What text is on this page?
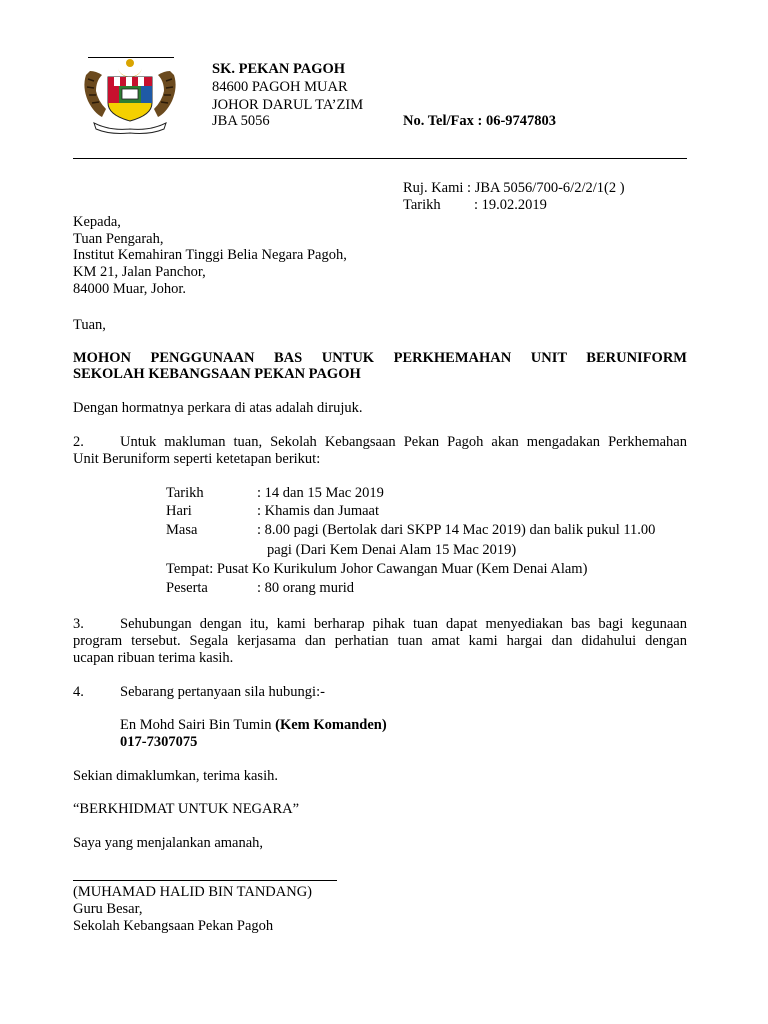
SK. PEKAN PAGOH
84600 PAGOH MUAR
JOHOR DARUL TA’ZIM
JBA 5056	No. Tel/Fax : 06-9747803
Ruj. Kami : JBA 5056/700-6/2/2/1(2 )
Tarikh : 19.02.2019
Kepada,
Tuan Pengarah,
Institut Kemahiran Tinggi Belia Negara Pagoh,
KM 21, Jalan Panchor,
84000 Muar, Johor.
Tuan,
MOHON PENGGUNAAN BAS UNTUK PERKHEMAHAN UNIT BERUNIFORM
SEKOLAH KEBANGSAAN PEKAN PAGOH
Dengan hormatnya perkara di atas adalah dirujuk.
2. Untuk makluman tuan, Sekolah Kebangsaan Pekan Pagoh akan mengadakan Perkhemahan
Unit Beruniform seperti ketetapan berikut:
Tarikh	: 14 dan 15 Mac 2019
Hari	: Khamis dan Jumaat
Masa	: 8.00 pagi (Bertolak dari SKPP 14 Mac 2019) dan balik pukul 11.00
pagi (Dari Kem Denai Alam 15 Mac 2019)
Tempat: Pusat Ko Kurikulum Johor Cawangan Muar (Kem Denai Alam)
Peserta	: 80 orang murid
3. Sehubungan dengan itu, kami berharap pihak tuan dapat menyediakan bas bagi kegunaan
program tersebut. Segala kerjasama dan perhatian tuan amat kami hargai dan didahului dengan
ucapan ribuan terima kasih.
4. Sebarang pertanyaan sila hubungi:-
En Mohd Sairi Bin Tumin (Kem Komanden)
017-7307075
Sekian dimaklumkan, terima kasih.
“BERKHIDMAT UNTUK NEGARA”
Saya yang menjalankan amanah,
(MUHAMAD HALID BIN TANDANG)
Guru Besar,
Sekolah Kebangsaan Pekan Pagoh
